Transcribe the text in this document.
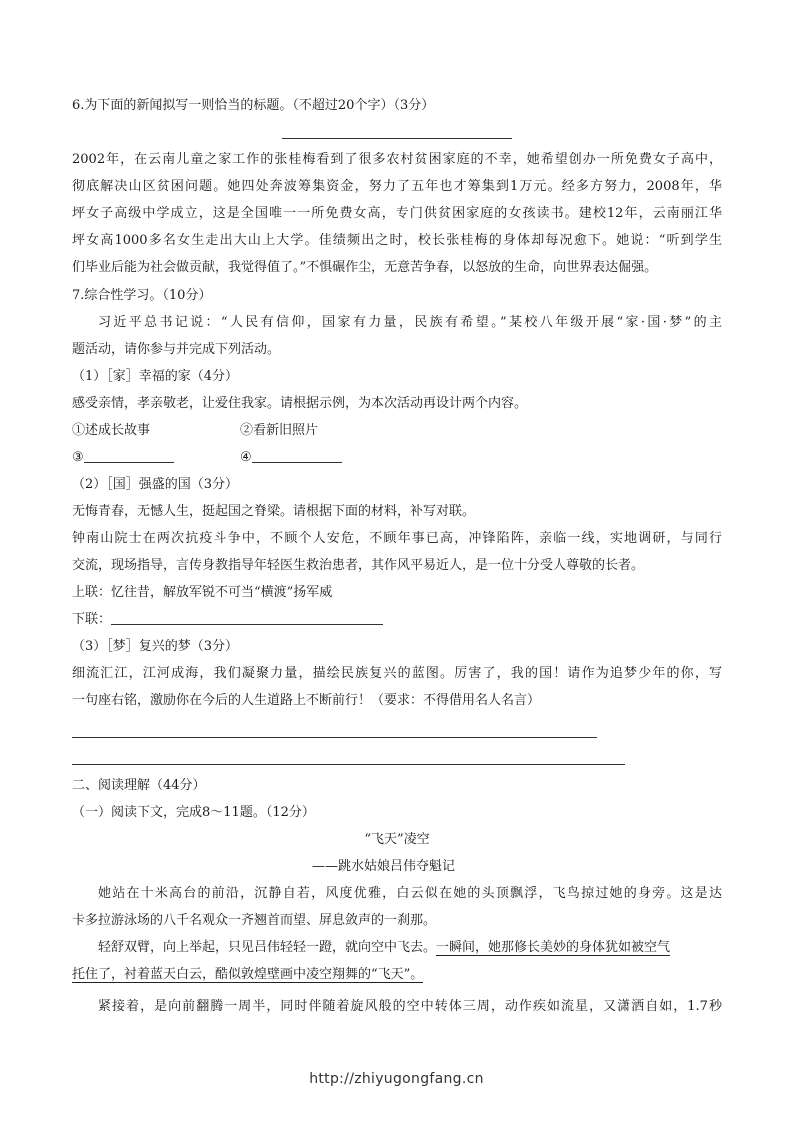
6.为下面的新闻拟写一则恰当的标题。（不超过20个字）（3分）
2002年，在云南儿童之家工作的张桂梅看到了很多农村贫困家庭的不幸，她希望创办一所免费女子高中，
彻底解决山区贫困问题。她四处奔波筹集资金，努力了五年也才筹集到1万元。经多方努力，2008年，华
坪女子高级中学成立，这是全国唯一一所免费女高，专门供贫困家庭的女孩读书。建校12年，云南丽江华
坪女高1000多名女生走出大山上大学。佳绩频出之时，校长张桂梅的身体却每况愈下。她说：“听到学生
们毕业后能为社会做贡献，我觉得值了。”不惧碾作尘，无意苦争春，以怒放的生命，向世界表达倔强。
7.综合性学习。（10分）
习近平总书记说：“人民有信仰，国家有力量，民族有希望。”某校八年级开展“家·国·梦”的主
题活动，请你参与并完成下列活动。
（1）［家］幸福的家（4分）
感受亲情，孝亲敬老，让爱住我家。请根据示例，为本次活动再设计两个内容。
①述成长故事	②看新旧照片
③	④
（2）［国］强盛的国（3分）
无悔青春，无憾人生，挺起国之脊梁。请根据下面的材料，补写对联。
钟南山院士在两次抗疫斗争中，不顾个人安危，不顾年事已高，冲锋陷阵，亲临一线，实地调研，与同行
交流，现场指导，言传身教指导年轻医生救治患者，其作风平易近人，是一位十分受人尊敬的长者。
上联：忆往昔，解放军锐不可当“横渡”扬军威
下联：
（3）［梦］复兴的梦（3分）
细流汇江，江河成海，我们凝聚力量，描绘民族复兴的蓝图。厉害了，我的国！请作为追梦少年的你，写
一句座右铭，激励你在今后的人生道路上不断前行！（要求：不得借用名人名言）
二、阅读理解（44分）
（一）阅读下文，完成8～11题。（12分）
“飞天”凌空
——跳水姑娘吕伟夺魁记
她站在十米高台的前沿，沉静自若，风度优雅，白云似在她的头顶飘浮，飞鸟掠过她的身旁。这是达
卡多拉游泳场的八千名观众一齐翘首而望、屏息敛声的一刹那。
轻舒双臂，向上举起，只见吕伟轻轻一蹬，就向空中飞去。一瞬间，她那修长美妙的身体犹如被空气
托住了，衬着蓝天白云，酷似敦煌壁画中凌空翔舞的“飞天”。
紧接着，是向前翻腾一周半，同时伴随着旋风般的空中转体三周，动作疾如流星，又潇洒自如，1.7秒
http://zhiyugongfang.cn
